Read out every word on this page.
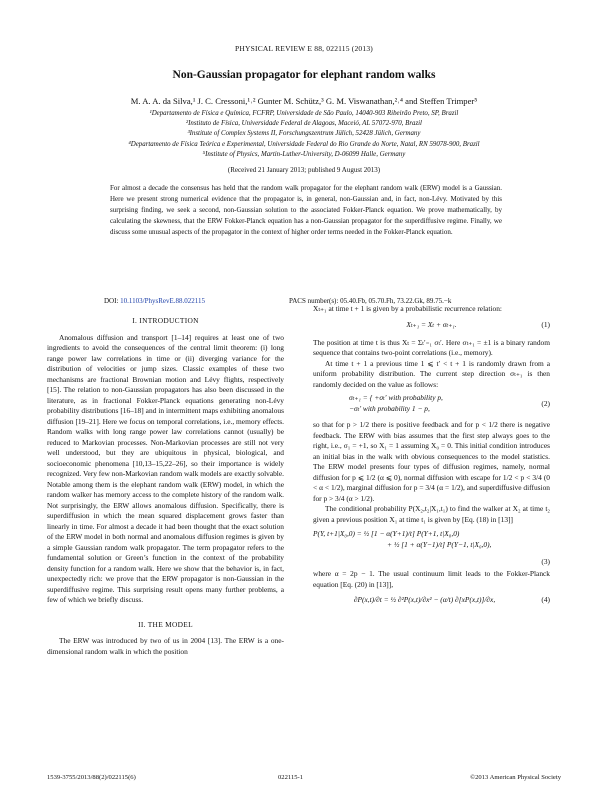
PHYSICAL REVIEW E 88, 022115 (2013)
Non-Gaussian propagator for elephant random walks
M. A. A. da Silva,¹ J. C. Cressoni,¹˒² Gunter M. Schütz,³ G. M. Viswanathan,²˒⁴ and Steffen Trimper⁵
¹Departamento de Física e Química, FCFRP, Universidade de São Paulo, 14040-903 Ribeirão Preto, SP, Brazil
²Instituto de Física, Universidade Federal de Alagoas, Maceió, AL 57072-970, Brazil
³Institute of Complex Systems II, Forschungszentrum Jülich, 52428 Jülich, Germany
⁴Departamento de Física Teórica e Experimental, Universidade Federal do Rio Grande do Norte, Natal, RN 59078-900, Brazil
⁵Institute of Physics, Martin-Luther-University, D-06099 Halle, Germany
(Received 21 January 2013; published 9 August 2013)
For almost a decade the consensus has held that the random walk propagator for the elephant random walk (ERW) model is a Gaussian. Here we present strong numerical evidence that the propagator is, in general, non-Gaussian and, in fact, non-Lévy. Motivated by this surprising finding, we seek a second, non-Gaussian solution to the associated Fokker-Planck equation. We prove mathematically, by calculating the skewness, that the ERW Fokker-Planck equation has a non-Gaussian propagator for the superdiffusive regime. Finally, we discuss some unusual aspects of the propagator in the context of higher order terms needed in the Fokker-Planck equation.
DOI: 10.1103/PhysRevE.88.022115	PACS number(s): 05.40.Fb, 05.70.Fh, 73.22.Gk, 89.75.−k
I. INTRODUCTION

Anomalous diffusion and transport [1–14] requires at least one of two ingredients to avoid the consequences of the central limit theorem: (i) long range power law correlations in time or (ii) diverging variance for the distribution of velocities or jump sizes. Classic examples of these two mechanisms are fractional Brownian motion and Lévy flights, respectively [15]. The relation to non-Gaussian propagators has also been discussed in the literature, as in fractional Fokker-Planck equations generating non-Lévy probability distributions [16–18] and in intermittent maps exhibiting anomalous diffusion [19–21]. Here we focus on temporal correlations, i.e., memory effects. Random walks with long range power law correlations cannot (usually) be reduced to Markovian processes. Non-Markovian processes are still not very well understood, but they are ubiquitous in physical, biological, and socioeconomic phenomena [10,13–15,22–26], so their importance is widely recognized. Very few non-Markovian random walk models are exactly solvable. Notable among them is the elephant random walk (ERW) model, in which the random walker has memory access to the complete history of the random walk. Not surprisingly, the ERW allows anomalous diffusion. Specifically, there is superdiffusion in which the mean squared displacement grows faster than linearly in time. For almost a decade it had been thought that the exact solution of the ERW model in both normal and anomalous diffusion regimes is given by a simple Gaussian random walk propagator. The term propagator refers to the fundamental solution or Green’s function in the context of the probability density function for a random walk. Here we show that the behavior is, in fact, unexpectedly rich: we prove that the ERW propagator is non-Gaussian in the superdiffusive regime. This surprising result opens many further problems, a few of which we briefly discuss.

II. THE MODEL

The ERW was introduced by two of us in 2004 [13]. The ERW is a one-dimensional random walk in which the position

Xₜ₊₁ at time t + 1 is given by a probabilistic recurrence relation:

Xₜ₊₁ = Xₜ + σₜ₊₁.	(1)

The position at time t is thus Xₜ = Σₜ′₌₁ σₜ′. Here σₜ₊₁ = ±1 is a binary random sequence that contains two-point correlations (i.e., memory).

At time t + 1 a previous time 1 ⩽ t′ < t + 1 is randomly drawn from a uniform probability distribution. The current step direction σₜ₊₁ is then randomly decided on the value as follows:

σₜ₊₁ = { +σₜ′ with probability p,
−σₜ′ with probability 1 − p,	(2)

so that for p > 1/2 there is positive feedback and for p < 1/2 there is negative feedback. The ERW with bias assumes that the first step always goes to the right, i.e., σ₁ = +1, so X₁ = 1 assuming X₀ = 0. This initial condition introduces an initial bias in the walk with obvious consequences to the model statistics. The ERW model presents four types of diffusion regimes, namely, normal diffusion for p ⩽ 1/2 (α ⩽ 0), normal diffusion with escape for 1/2 < p < 3/4 (0 < α < 1/2), marginal diffusion for p = 3/4 (α = 1/2), and superdiffusive diffusion for p > 3/4 (α > 1/2).

The conditional probability P(X₂,t₂|X₁,t₁) to find the walker at X₂ at time t₂ given a previous position X₁ at time t₁ is given by [Eq. (18) in [13]]

P(Y, t+1|X₀,0) = ½ [1 − α(Y+1)/t] P(Y+1, t|X₀,0)
+ ½ [1 + α(Y−1)/t] P(Y−1, t|X₀,0),
(3)

where α = 2p − 1. The usual continuum limit leads to the Fokker-Planck equation [Eq. (20) in [13]],

∂P(x,t)/∂t = ½ ∂²P(x,t)/∂x² − (α/t) ∂[xP(x,t)]/∂x,	(4)
1539-3755/2013/88(2)/022115(6)	022115-1	©2013 American Physical Society
